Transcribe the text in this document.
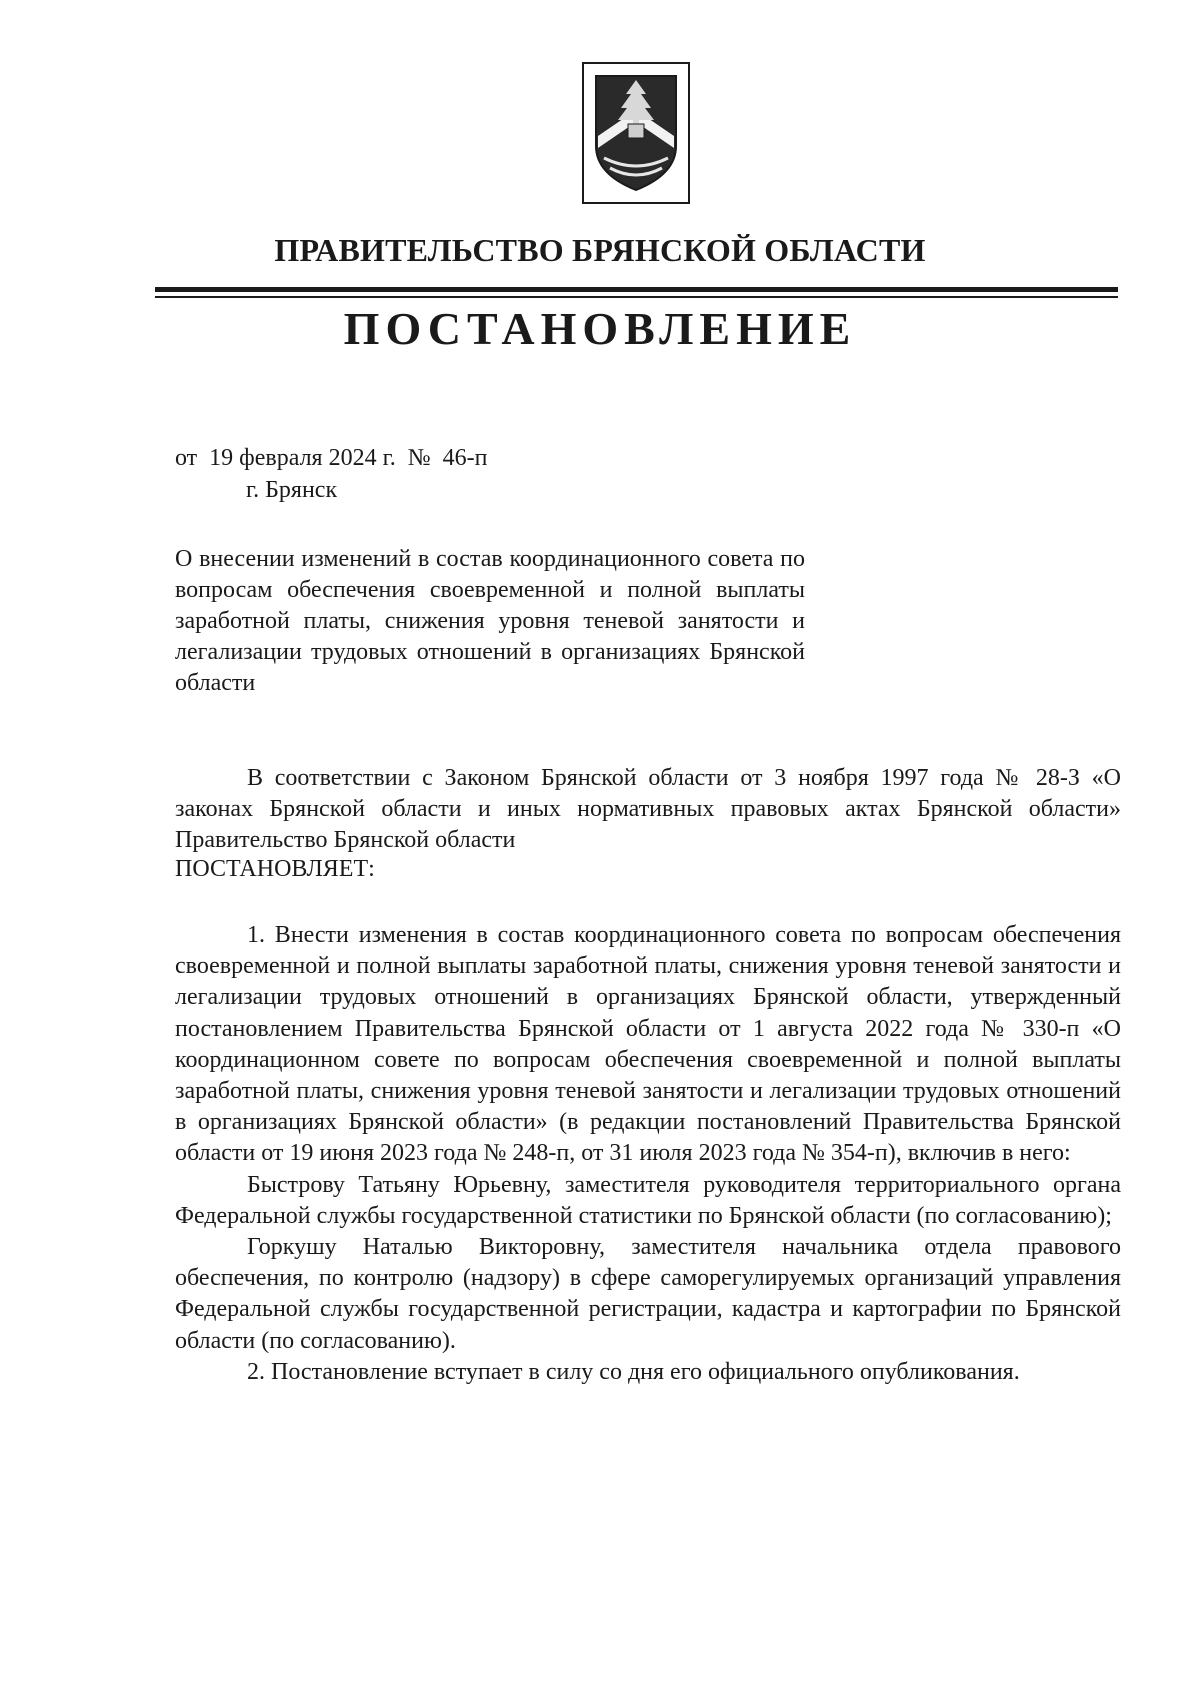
ПРАВИТЕЛЬСТВО БРЯНСКОЙ ОБЛАСТИ
ПОСТАНОВЛЕНИЕ
от  19 февраля 2024 г.  №  46-п
г. Брянск
О внесении изменений в состав координационного совета по вопросам обеспечения своевременной и полной выплаты заработной платы, снижения уровня теневой занятости и легализации трудовых отношений в организациях Брянской области

В соответствии с Законом Брянской области от 3 ноября 1997 года № 28-З «О законах Брянской области и иных нормативных правовых актах Брянской области» Правительство Брянской области

ПОСТАНОВЛЯЕТ:

1. Внести изменения в состав координационного совета по вопросам обеспечения своевременной и полной выплаты заработной платы, снижения уровня теневой занятости и легализации трудовых отношений в организациях Брянской области, утвержденный постановлением Правительства Брянской области от 1 августа 2022 года № 330-п «О координационном совете по вопросам обеспечения своевременной и полной выплаты заработной платы, снижения уровня теневой занятости и легализации трудовых отношений в организациях Брянской области» (в редакции постановлений Правительства Брянской области от 19 июня 2023 года № 248-п, от 31 июля 2023 года № 354-п), включив в него:

Быстрову Татьяну Юрьевну, заместителя руководителя территориального органа Федеральной службы государственной статистики по Брянской области (по согласованию);

Горкушу Наталью Викторовну, заместителя начальника отдела правового обеспечения, по контролю (надзору) в сфере саморегулируемых организаций управления Федеральной службы государственной регистрации, кадастра и картографии по Брянской области (по согласованию).

2. Постановление вступает в силу со дня его официального опубликования.
